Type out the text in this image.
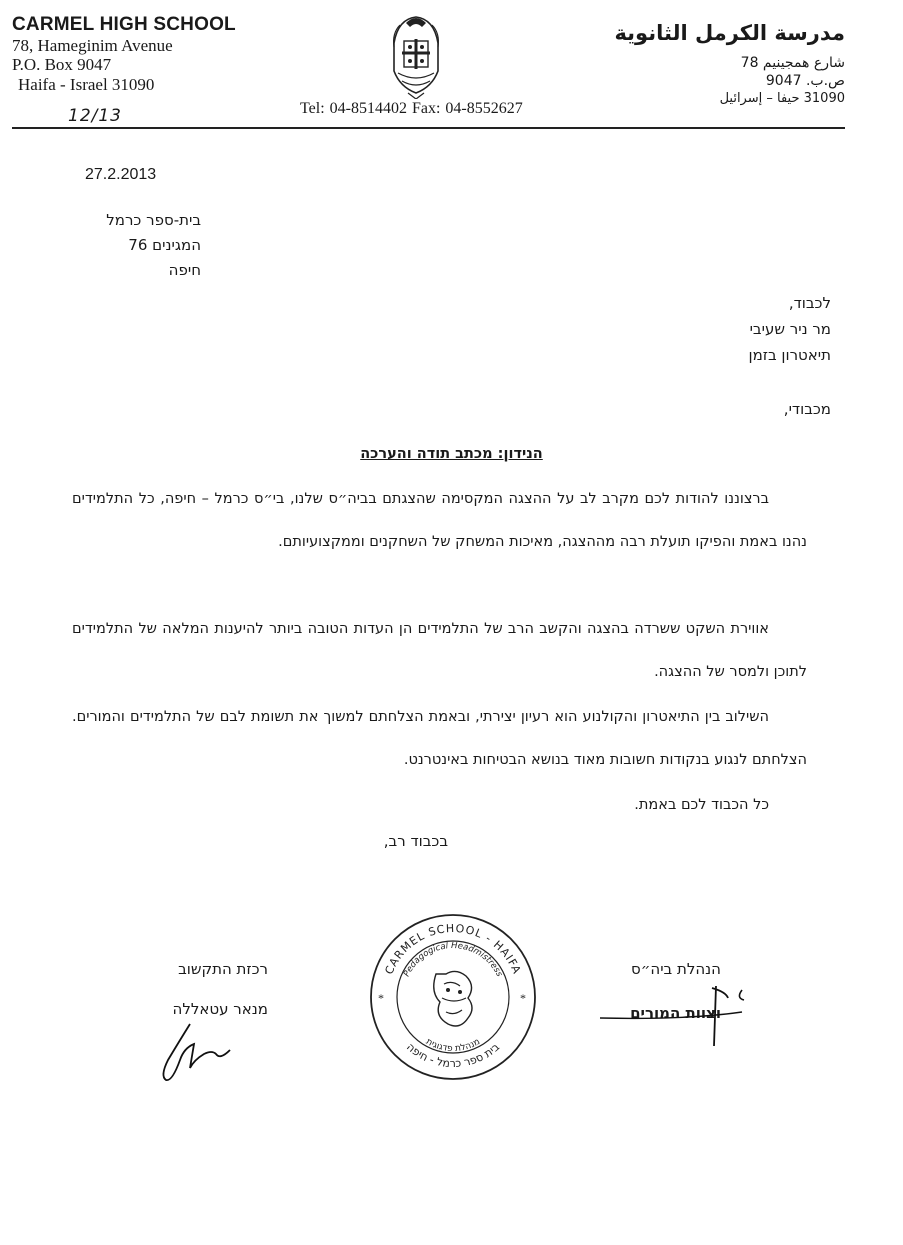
CARMEL HIGH SCHOOL
78, Hameginim Avenue
P.O. Box 9047
Haifa - Israel 31090
مدرسة الكرمل الثانوية
شارع همجينيم 78
ص.ب. 9047
31090 حيفا – إسرائيل
12/13	Tel: 04-8514402 Fax: 04-8552627
27.2.2013
בית-ספר כרמל
המגינים 76
חיפה
לכבוד,
מר ניר שעיבי
תיאטרון בזמן
מכבודי,
הנידון: מכתב תודה והערכה
ברצוננו להודות לכם מקרב לב על ההצגה המקסימה שהצגתם בביה״ס שלנו, בי״ס כרמל – חיפה, כל התלמידים נהנו באמת והפיקו תועלת רבה מההצגה, מאיכות המשחק של השחקנים וממקצועיותם.
אווירת השקט ששרדה בהצגה והקשב הרב של התלמידים הן העדות הטובה ביותר להיענות המלאה של התלמידים לתוכן ולמסר של ההצגה.
השילוב בין התיאטרון והקולנוע הוא רעיון יצירתי, ובאמת הצלחתם למשוך את תשומת לבם של התלמידים והמורים. הצלחתם לנגוע בנקודות חשובות מאוד בנושא הבטיחות באינטרנט.
כל הכבוד לכם באמת.
בכבוד רב,
רכזת התקשוב
מנאר עטאללה
הנהלת ביה״ס
וצוות המורים
CARMEL SCHOOL - HAIFA
Pedagogical Headmistress
בית ספר כרמל - חיפה
מנהלת פדגוגית
*	*
